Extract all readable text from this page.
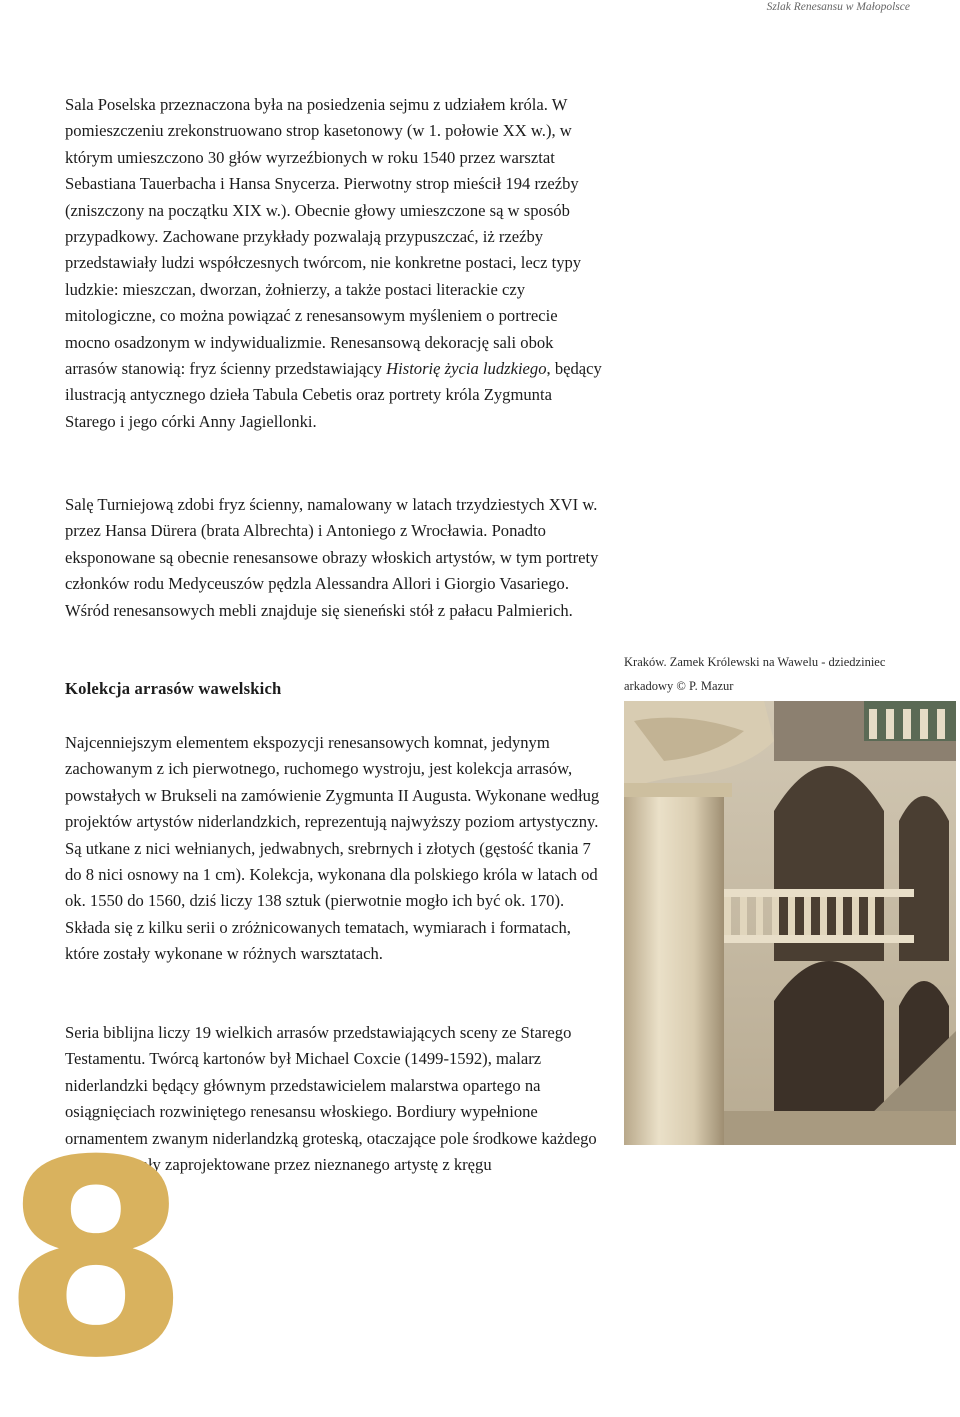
Szlak Renesansu w Małopolsce

Sala Poselska przeznaczona była na posiedzenia sejmu z udziałem króla. W pomieszczeniu zrekonstruowano strop kasetonowy (w 1. połowie XX w.), w którym umieszczono 30 głów wyrzeźbionych w roku 1540 przez warsztat Sebastiana Tauerbacha i Hansa Snycerza. Pierwotny strop mieścił 194 rzeźby (zniszczony na początku XIX w.). Obecnie głowy umieszczone są w sposób przypadkowy. Zachowane przykłady pozwalają przypuszczać, iż rzeźby przedstawiały ludzi współczesnych twórcom, nie konkretne postaci, lecz typy ludzkie: mieszczan, dworzan, żołnierzy, a także postaci literackie czy mitologiczne, co można powiązać z renesansowym myśleniem o portrecie mocno osadzonym w indywidualizmie. Renesansową dekorację sali obok arrasów stanowią: fryz ścienny przedstawiający Historię życia ludzkiego, będący ilustracją antycznego dzieła Tabula Cebetis oraz portrety króla Zygmunta Starego i jego córki Anny Jagiellonki.

Salę Turniejową zdobi fryz ścienny, namalowany w latach trzydziestych XVI w. przez Hansa Dürera (brata Albrechta) i Antoniego z Wrocławia. Ponadto eksponowane są obecnie renesansowe obrazy włoskich artystów, w tym portrety członków rodu Medyceuszów pędzla Alessandra Allori i Giorgio Vasariego. Wśród renesansowych mebli znajduje się sieneński stół z pałacu Palmierich.

Kolekcja arrasów wawelskich

Najcenniejszym elementem ekspozycji renesansowych komnat, jedynym zachowanym z ich pierwotnego, ruchomego wystroju, jest kolekcja arrasów, powstałych w Brukseli na zamówienie Zygmunta II Augusta. Wykonane według projektów artystów niderlandzkich, reprezentują najwyższy poziom artystyczny. Są utkane z nici wełnianych, jedwabnych, srebrnych i złotych (gęstość tkania 7 do 8 nici osnowy na 1 cm). Kolekcja, wykonana dla polskiego króla w latach od ok. 1550 do 1560, dziś liczy 138 sztuk (pierwotnie mogło ich być ok. 170). Składa się z kilku serii o zróżnicowanych tematach, wymiarach i formatach, które zostały wykonane w różnych warsztatach.

Seria biblijna liczy 19 wielkich arrasów przedstawiających sceny ze Starego Testamentu. Twórcą kartonów był Michael Coxcie (1499-1592), malarz niderlandzki będący głównym przedstawicielem malarstwa opartego na osiągnięciach rozwiniętego renesansu włoskiego. Bordiury wypełnione ornamentem zwanym niderlandzką groteską, otaczające pole środkowe każdego arrasu, zostały zaprojektowane przez nieznanego artystę z kręgu

Kraków. Zamek Królewski na Wawelu - dziedziniec arkadowy © P. Mazur
8
